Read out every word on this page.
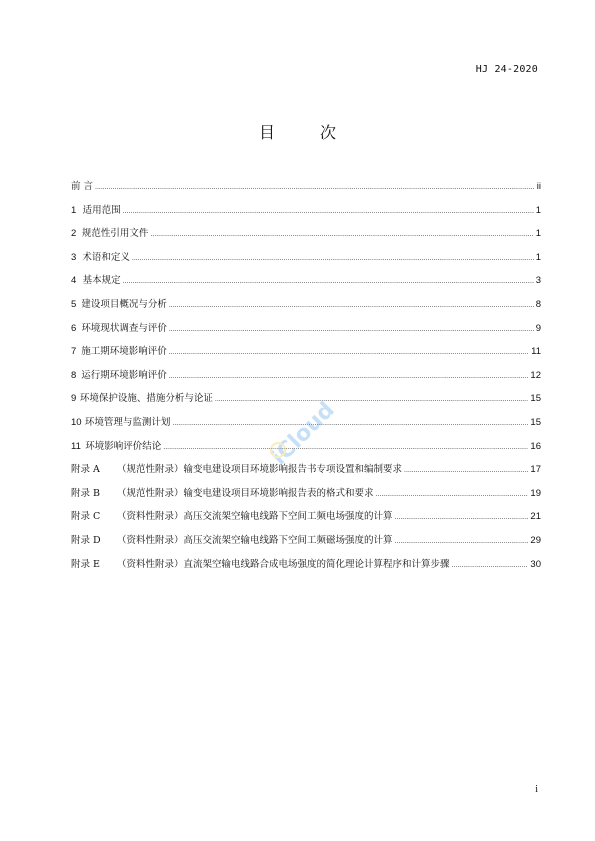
HJ 24-2020
目 次
前 言 .....	ii
1 适用范围 .....	1
2 规范性引用文件 .....	1
3 术语和定义 .....	1
4 基本规定 .....	3
5 建设项目概况与分析 .....	8
6 环境现状调查与评价 .....	9
7 施工期环境影响评价 .....	11
8 运行期环境影响评价 .....	12
9 环境保护设施、措施分析与论证 .....	15
10 环境管理与监测计划 .....	15
11 环境影响评价结论 .....	16
附录 A	（规范性附录） 输变电建设项目环境影响报告书专项设置和编制要求 .....	17
附录 B	（规范性附录） 输变电建设项目环境影响报告表的格式和要求 .....	19
附录 C	（资料性附录） 高压交流架空输电线路下空间工频电场强度的计算 .....	21
附录 D	（资料性附录） 高压交流架空输电线路下空间工频磁场强度的计算 .....	29
附录 E	（资料性附录） 直流架空输电线路合成电场强度的简化理论计算程序和计算步骤 .....	30
iCloud
i
